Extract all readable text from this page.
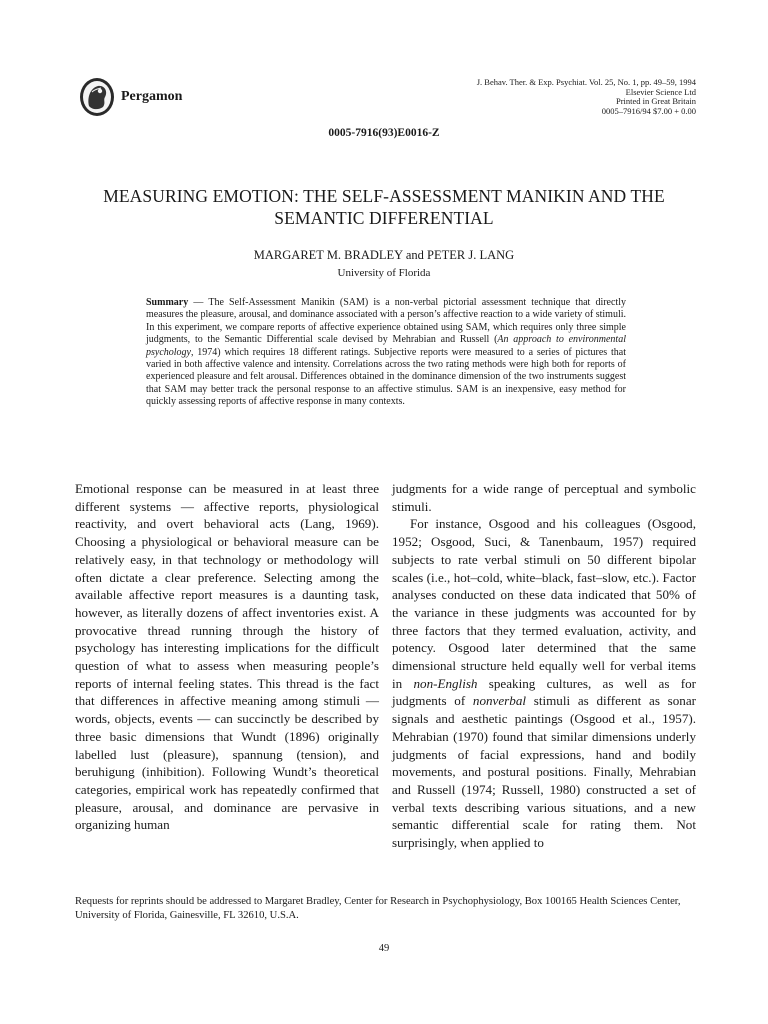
Pergamon
J. Behav. Ther. & Exp. Psychiat. Vol. 25, No. 1, pp. 49–59, 1994
Elsevier Science Ltd
Printed in Great Britain
0005–7916/94 $7.00 + 0.00
0005-7916(93)E0016-Z
MEASURING EMOTION: THE SELF-ASSESSMENT MANIKIN AND THE SEMANTIC DIFFERENTIAL
MARGARET M. BRADLEY and PETER J. LANG
University of Florida
Summary — The Self-Assessment Manikin (SAM) is a non-verbal pictorial assessment technique that directly measures the pleasure, arousal, and dominance associated with a person’s affective reaction to a wide variety of stimuli. In this experiment, we compare reports of affective experience obtained using SAM, which requires only three simple judgments, to the Semantic Differential scale devised by Mehrabian and Russell (An approach to environmental psychology, 1974) which requires 18 different ratings. Subjective reports were measured to a series of pictures that varied in both affective valence and intensity. Correlations across the two rating methods were high both for reports of experienced pleasure and felt arousal. Differences obtained in the dominance dimension of the two instruments suggest that SAM may better track the personal response to an affective stimulus. SAM is an inexpensive, easy method for quickly assessing reports of affective response in many contexts.

Emotional response can be measured in at least three different systems — affective reports, physiological reactivity, and overt behavioral acts (Lang, 1969). Choosing a physiological or behavioral measure can be relatively easy, in that technology or methodology will often dictate a clear preference. Selecting among the available affective report measures is a daunting task, however, as literally dozens of affect inventories exist. A provocative thread running through the history of psychology has interesting implications for the difficult question of what to assess when measuring people’s reports of internal feeling states. This thread is the fact that differences in affective meaning among stimuli — words, objects, events — can succinctly be described by three basic dimensions that Wundt (1896) originally labelled lust (pleasure), spannung (tension), and beruhigung (inhibition). Following Wundt’s theoretical categories, empirical work has repeatedly confirmed that pleasure, arousal, and dominance are pervasive in organizing human

judgments for a wide range of perceptual and symbolic stimuli.

For instance, Osgood and his colleagues (Osgood, 1952; Osgood, Suci, & Tanenbaum, 1957) required subjects to rate verbal stimuli on 50 different bipolar scales (i.e., hot–cold, white–black, fast–slow, etc.). Factor analyses conducted on these data indicated that 50% of the variance in these judgments was accounted for by three factors that they termed evaluation, activity, and potency. Osgood later determined that the same dimensional structure held equally well for verbal items in non-English speaking cultures, as well as for judgments of nonverbal stimuli as different as sonar signals and aesthetic paintings (Osgood et al., 1957). Mehrabian (1970) found that similar dimensions underly judgments of facial expressions, hand and bodily movements, and postural positions. Finally, Mehrabian and Russell (1974; Russell, 1980) constructed a set of verbal texts describing various situations, and a new semantic differential scale for rating them. Not surprisingly, when applied to

Requests for reprints should be addressed to Margaret Bradley, Center for Research in Psychophysiology, Box 100165 Health Sciences Center, University of Florida, Gainesville, FL 32610, U.S.A.
49
